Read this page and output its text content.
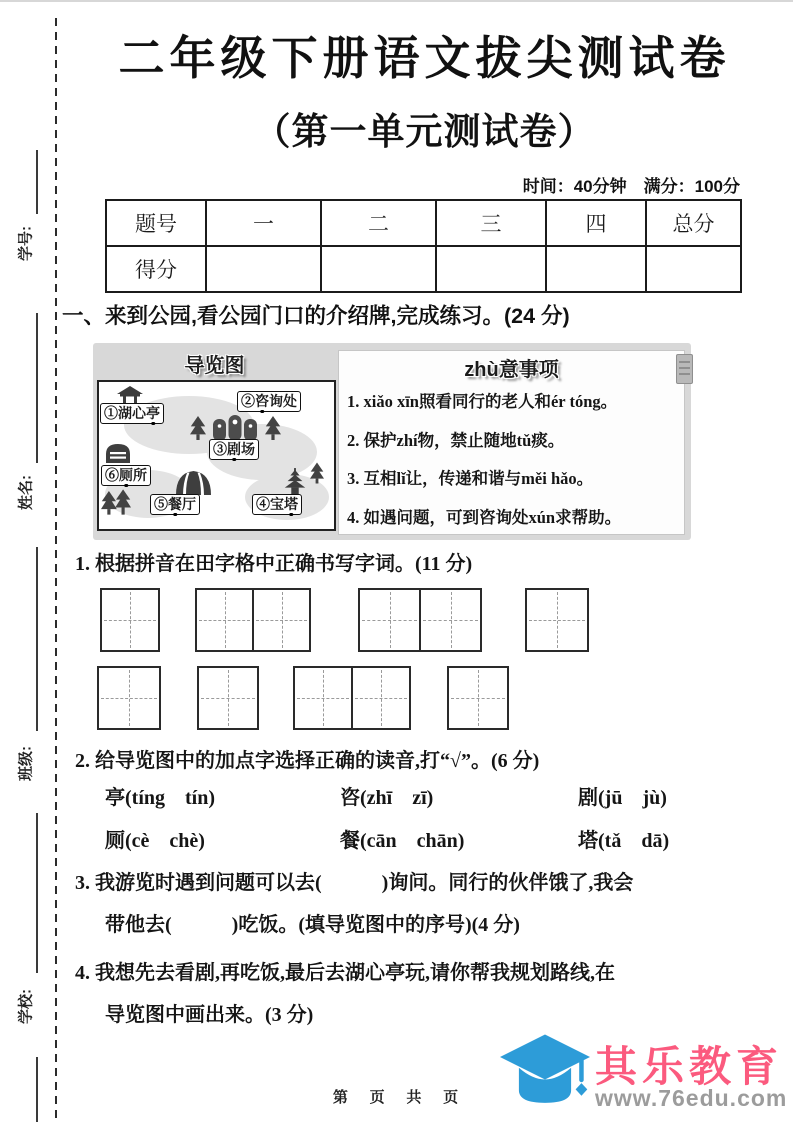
学号:
姓名:
班级:
学校:
二年级下册语文拔尖测试卷
（第一单元测试卷）
时间：40分钟　满分：100分
题号	一	二	三	四	总分
得分					
一、来到公园,看公园门口的介绍牌,完成练习。(24 分)
导览图
①湖心亭
②咨询处
③剧场
⑥厕所
⑤餐厅	④宝塔
zhù意事项
1. xiǎo xīn照看同行的老人和ér tóng。
2. 保护zhí物，禁止随地tǔ痰。
3. 互相lǐ让，传递和谐与měi hǎo。
4. 如遇问题，可到咨询处xún求帮助。
1. 根据拼音在田字格中正确书写字词。(11 分)
2. 给导览图中的加点字选择正确的读音,打“√”。(6 分)
亭(tíng　tín)	咨(zhī　zī)	剧(jū　jù)
厕(cè　chè)	餐(cān　chān)	塔(tǎ　dā)
3. 我游览时遇到问题可以去(　　　)询问。同行的伙伴饿了,我会
带他去(　　　)吃饭。(填导览图中的序号)(4 分)
4. 我想先去看剧,再吃饭,最后去湖心亭玩,请你帮我规划路线,在
导览图中画出来。(3 分)
第 页 共 页
其乐教育
www.76edu.com
